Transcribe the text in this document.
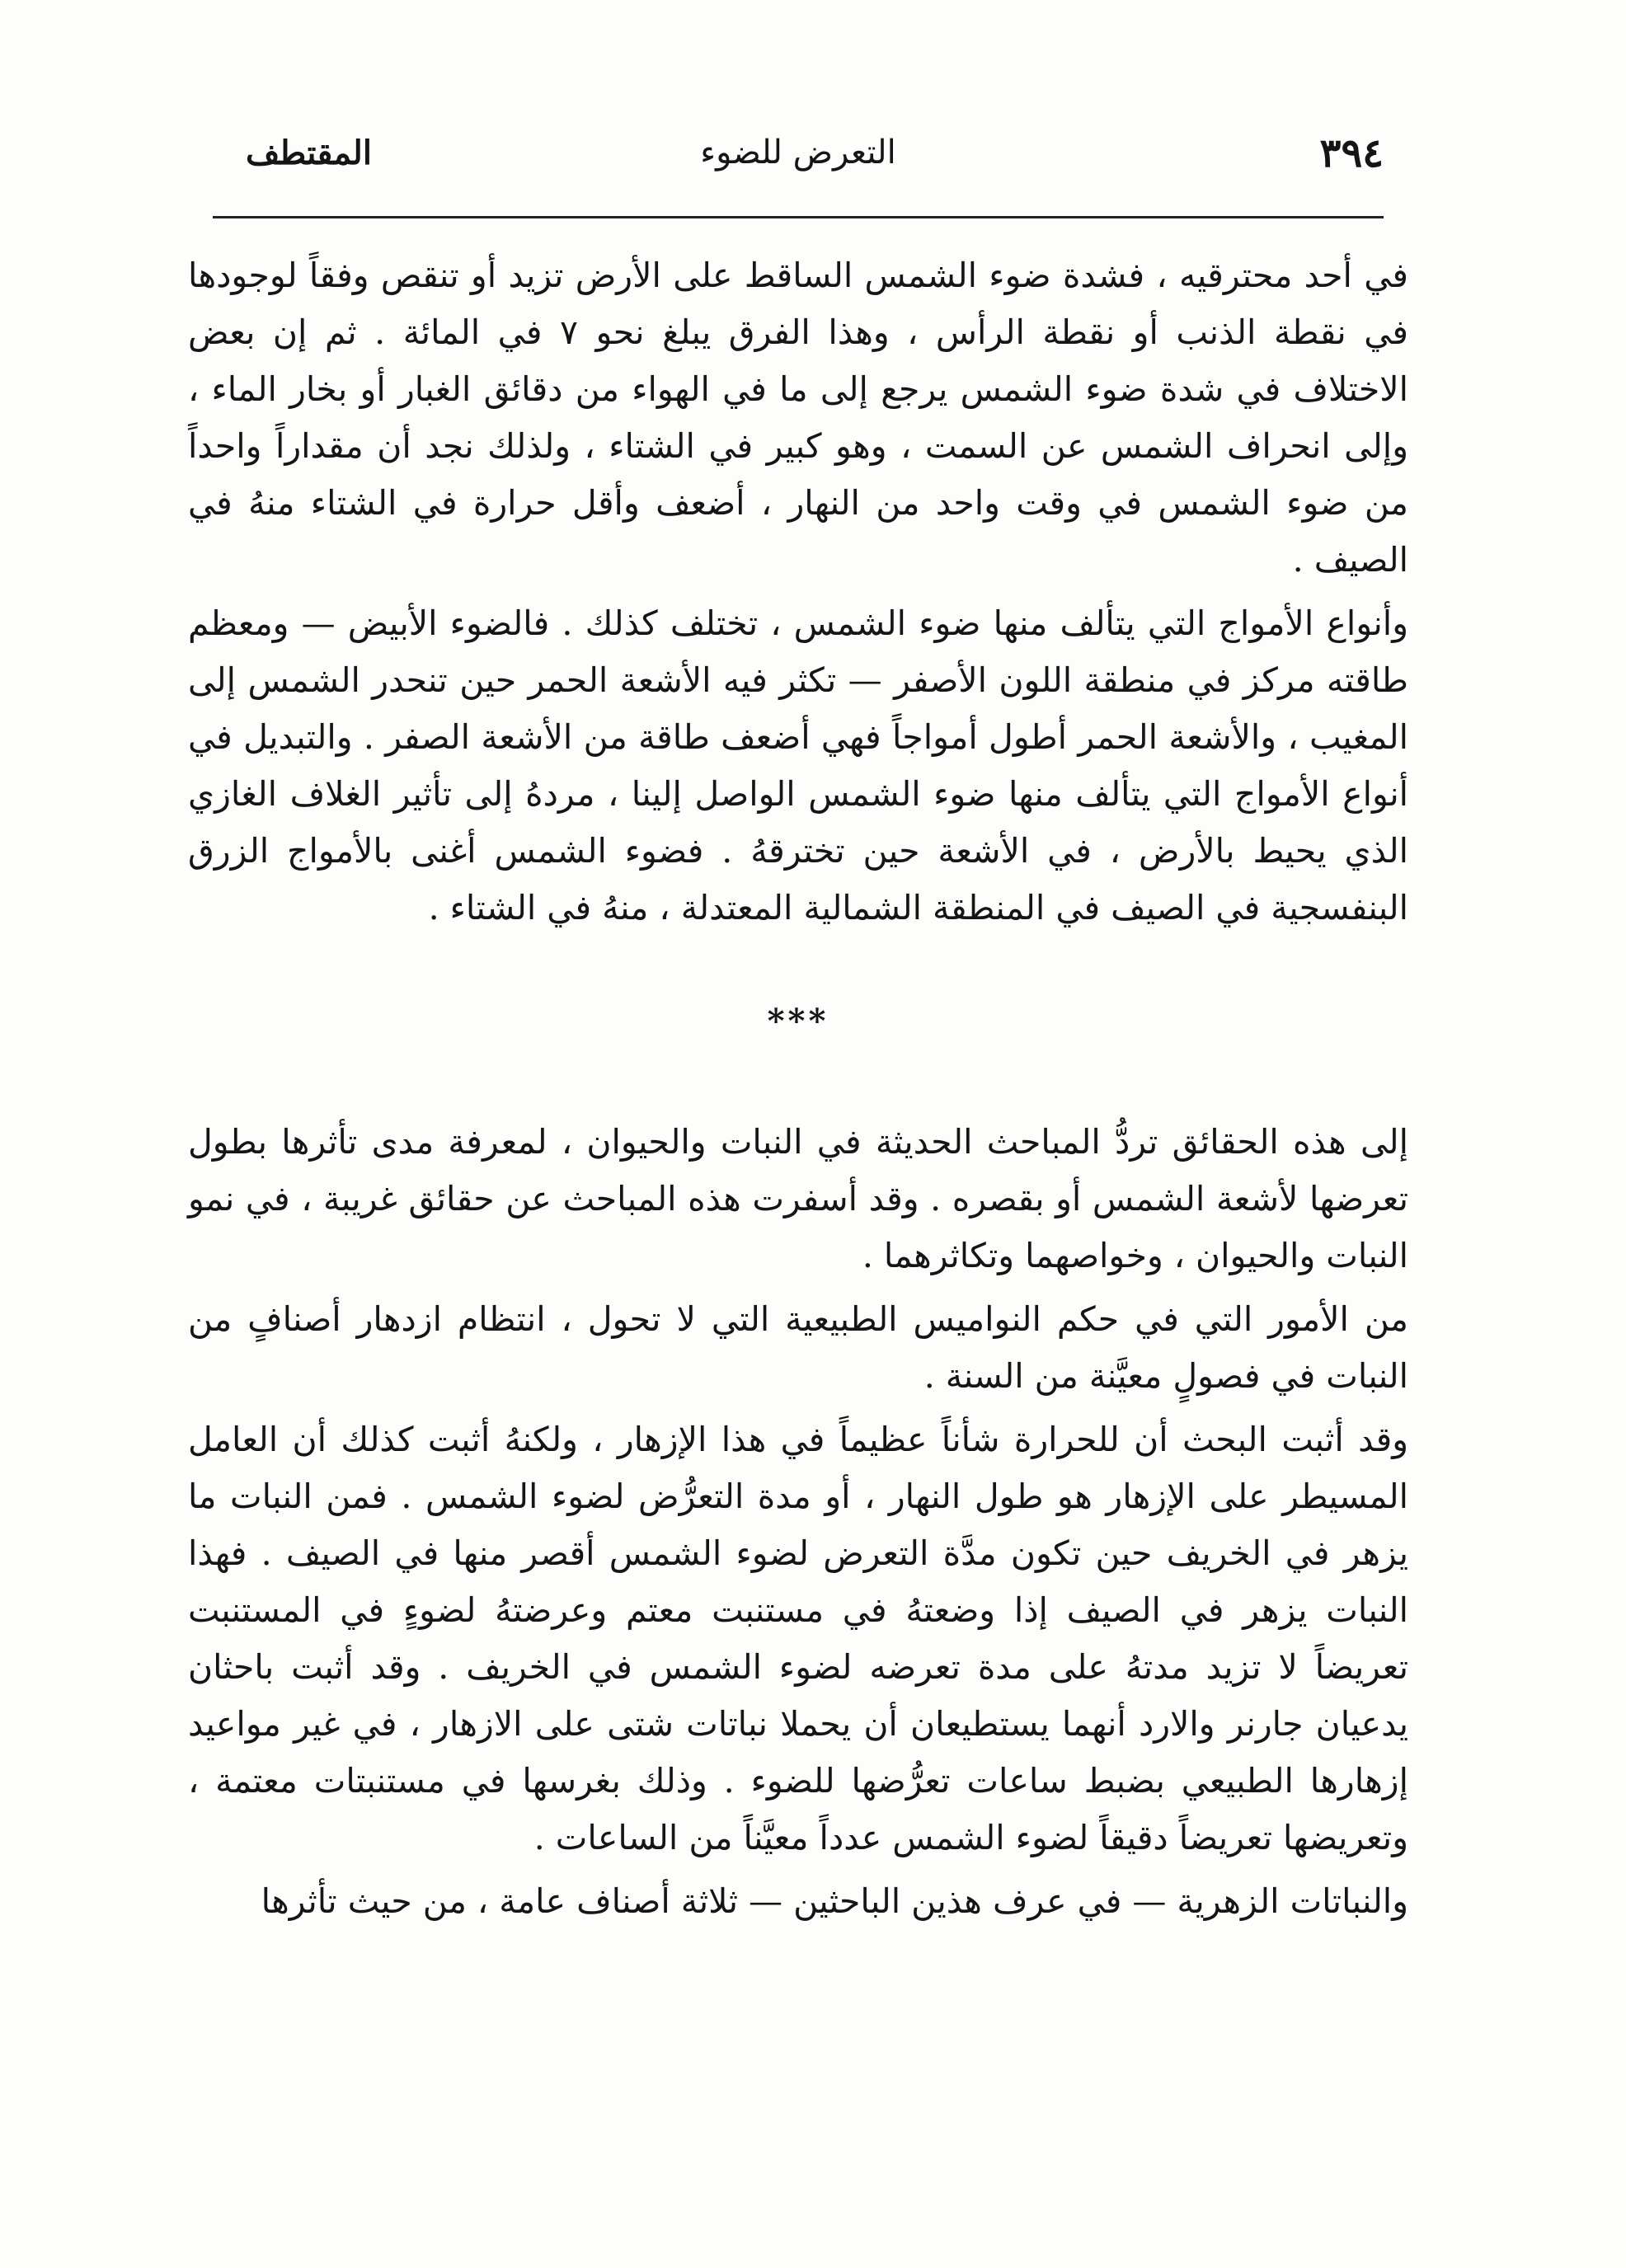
٣٩٤
التعرض للضوء
المقتطف

في أحد محترقيه ، فشدة ضوء الشمس الساقط على الأرض تزيد أو تنقص وفقاً لوجودها في نقطة الذنب أو نقطة الرأس ، وهذا الفرق يبلغ نحو ٧ في المائة . ثم إن بعض الاختلاف في شدة ضوء الشمس يرجع إلى ما في الهواء من دقائق الغبار أو بخار الماء ، وإلى انحراف الشمس عن السمت ، وهو كبير في الشتاء ، ولذلك نجد أن مقداراً واحداً من ضوء الشمس في وقت واحد من النهار ، أضعف وأقل حرارة في الشتاء منهُ في الصيف .

وأنواع الأمواج التي يتألف منها ضوء الشمس ، تختلف كذلك . فالضوء الأبيض — ومعظم طاقته مركز في منطقة اللون الأصفر — تكثر فيه الأشعة الحمر حين تنحدر الشمس إلى المغيب ، والأشعة الحمر أطول أمواجاً فهي أضعف طاقة من الأشعة الصفر . والتبديل في أنواع الأمواج التي يتألف منها ضوء الشمس الواصل إلينا ، مردهُ إلى تأثير الغلاف الغازي الذي يحيط بالأرض ، في الأشعة حين تخترقهُ . فضوء الشمس أغنى بالأمواج الزرق البنفسجية في الصيف في المنطقة الشمالية المعتدلة ، منهُ في الشتاء .

***

إلى هذه الحقائق تردُّ المباحث الحديثة في النبات والحيوان ، لمعرفة مدى تأثرها بطول تعرضها لأشعة الشمس أو بقصره . وقد أسفرت هذه المباحث عن حقائق غريبة ، في نمو النبات والحيوان ، وخواصهما وتكاثرهما .

من الأمور التي في حكم النواميس الطبيعية التي لا تحول ، انتظام ازدهار أصنافٍ من النبات في فصولٍ معيَّنة من السنة .

وقد أثبت البحث أن للحرارة شأناً عظيماً في هذا الإزهار ، ولكنهُ أثبت كذلك أن العامل المسيطر على الإزهار هو طول النهار ، أو مدة التعرُّض لضوء الشمس . فمن النبات ما يزهر في الخريف حين تكون مدَّة التعرض لضوء الشمس أقصر منها في الصيف . فهذا النبات يزهر في الصيف إذا وضعتهُ في مستنبت معتم وعرضتهُ لضوءٍ في المستنبت تعريضاً لا تزيد مدتهُ على مدة تعرضه لضوء الشمس في الخريف . وقد أثبت باحثان يدعيان جارنر والارد أنهما يستطيعان أن يحملا نباتات شتى على الازهار ، في غير مواعيد إزهارها الطبيعي بضبط ساعات تعرُّضها للضوء . وذلك بغرسها في مستنبتات معتمة ، وتعريضها تعريضاً دقيقاً لضوء الشمس عدداً معيَّناً من الساعات .

والنباتات الزهرية — في عرف هذين الباحثين — ثلاثة أصناف عامة ، من حيث تأثرها
